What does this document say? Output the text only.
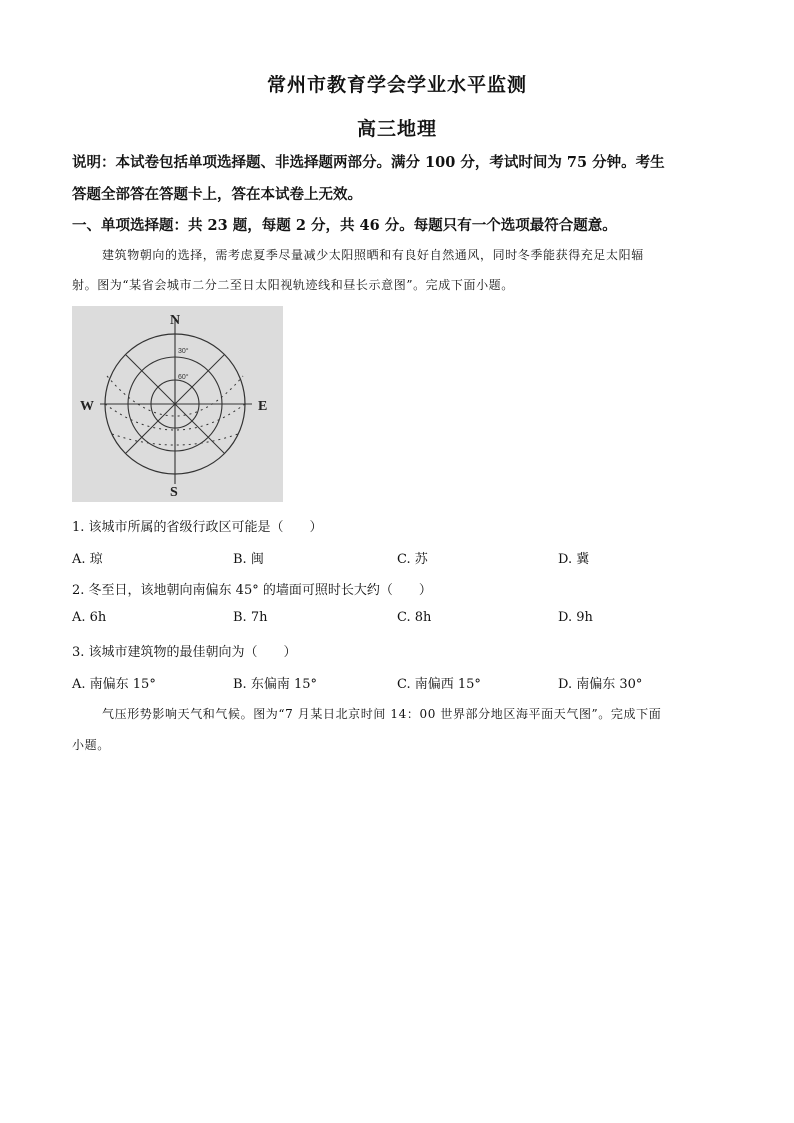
常州市教育学会学业水平监测
高三地理
说明：本试卷包括单项选择题、非选择题两部分。满分 100 分，考试时间为 75 分钟。考生
答题全部答在答题卡上，答在本试卷上无效。
一、单项选择题：共 23 题，每题 2 分，共 46 分。每题只有一个选项最符合题意。
建筑物朝向的选择，需考虑夏季尽量减少太阳照晒和有良好自然通风，同时冬季能获得充足太阳辐
射。图为“某省会城市二分二至日太阳视轨迹线和昼长示意图”。完成下面小题。
N
S
W	E
30°
60°
1. 该城市所属的省级行政区可能是（　　）
A. 琼	B. 闽	C. 苏	D. 冀
2. 冬至日，该地朝向南偏东 45° 的墙面可照时长大约（　　）
A. 6h	B. 7h	C. 8h	D. 9h
3. 该城市建筑物的最佳朝向为（　　）
A. 南偏东 15°	B. 东偏南 15°	C. 南偏西 15°	D. 南偏东 30°
气压形势影响天气和气候。图为“7 月某日北京时间 14：00 世界部分地区海平面天气图”。完成下面
小题。
